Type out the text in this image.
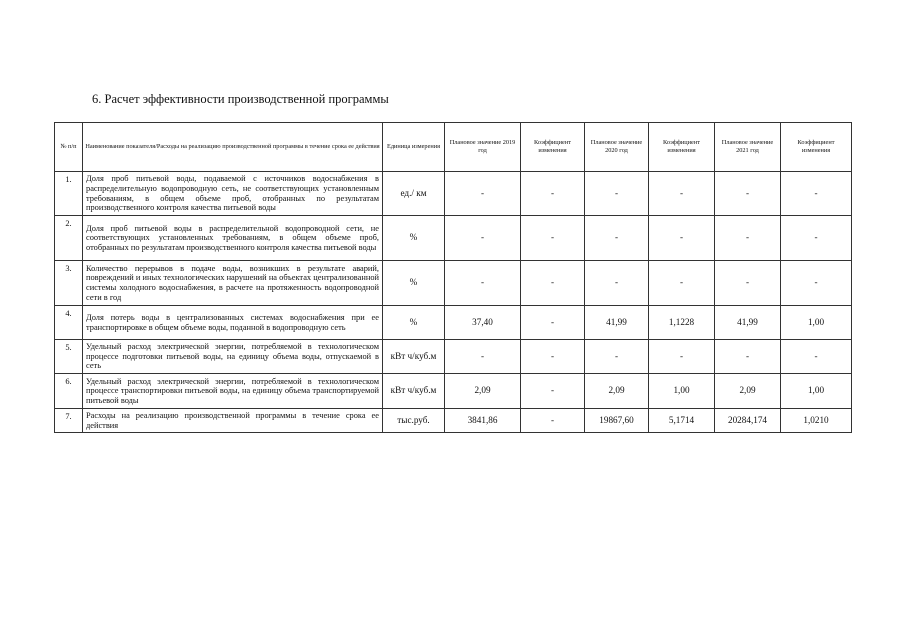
6. Расчет эффективности производственной программы
№ п/п	Наименование показателя/Расходы на реализацию производственной программы в течение срока ее действия	Единица измерения	Плановое значение 2019 год	Коэффициент изменения	Плановое значение 2020 год	Коэффициент изменения	Плановое значение 2021 год	Коэффициент изменения
1.	Доля проб питьевой воды, подаваемой с источников водоснабжения в распределительную водопроводную сеть, не соответствующих установленным требованиям, в общем объеме проб, отобранных по результатам производственного контроля качества питьевой воды	ед./ км	-	-	-	-	-	-
2.	Доля проб питьевой воды в распределительной водопроводной сети, не соответствующих установленных требованиям, в общем объеме проб, отобранных по результатам производственного контроля качества питьевой воды	%	-	-	-	-	-	-
3.	Количество перерывов в подаче воды, возникших в результате аварий, повреждений и иных технологических нарушений на объектах централизованной системы холодного водоснабжения, в расчете на протяженность водопроводной сети в год	%	-	-	-	-	-	-
4.	Доля потерь воды в централизованных системах водоснабжения при ее транспортировке в общем объеме воды, поданной в водопроводную сеть	%	37,40	-	41,99	1,1228	41,99	1,00
5.	Удельный расход электрической энергии, потребляемой в технологическом процессе подготовки питьевой воды, на единицу объема воды, отпускаемой в сеть	кВт ч/куб.м	-	-	-	-	-	-
6.	Удельный расход электрической энергии, потребляемой в технологическом процессе транспортировки питьевой воды, на единицу объема транспортируемой питьевой воды	кВт ч/куб.м	2,09	-	2,09	1,00	2,09	1,00
7.	Расходы на реализацию производственной программы в течение срока ее действия	тыс.руб.	3841,86	-	19867,60	5,1714	20284,174	1,0210
